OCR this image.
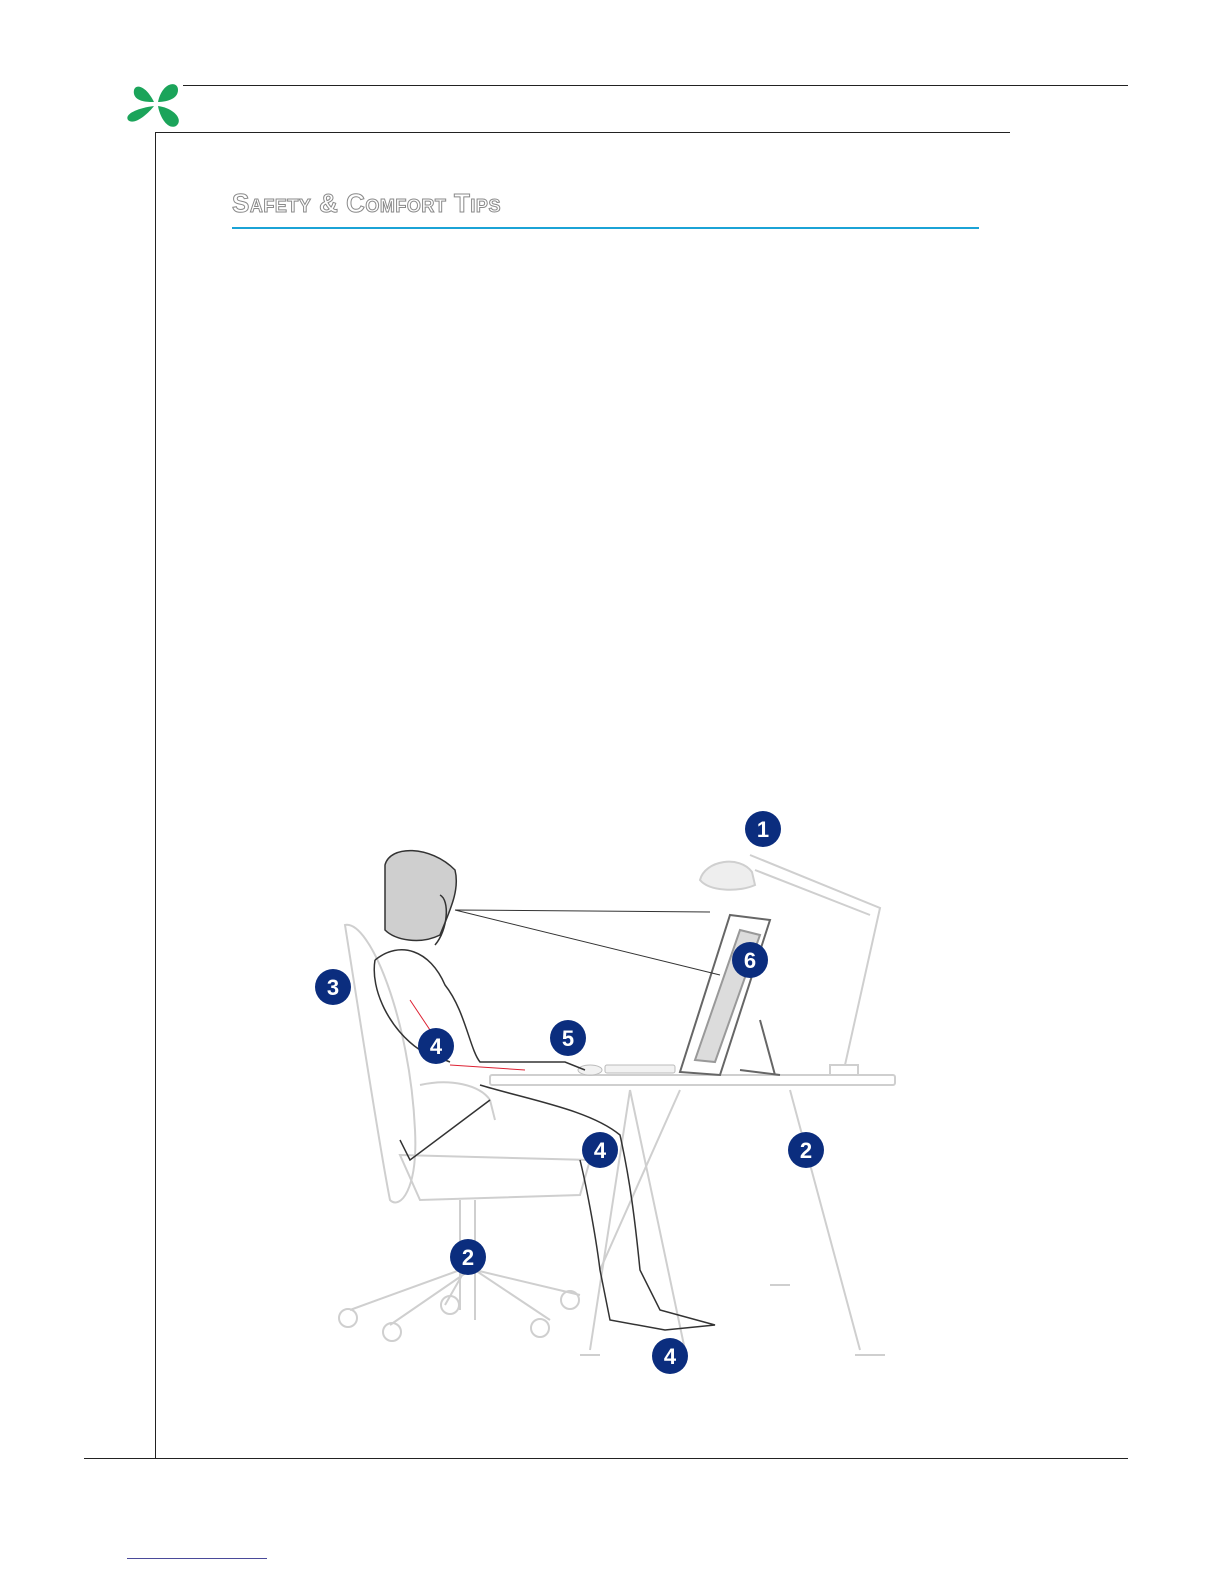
Safety & Comfort Tips
1
6
3
4	5
4	2
2
4
